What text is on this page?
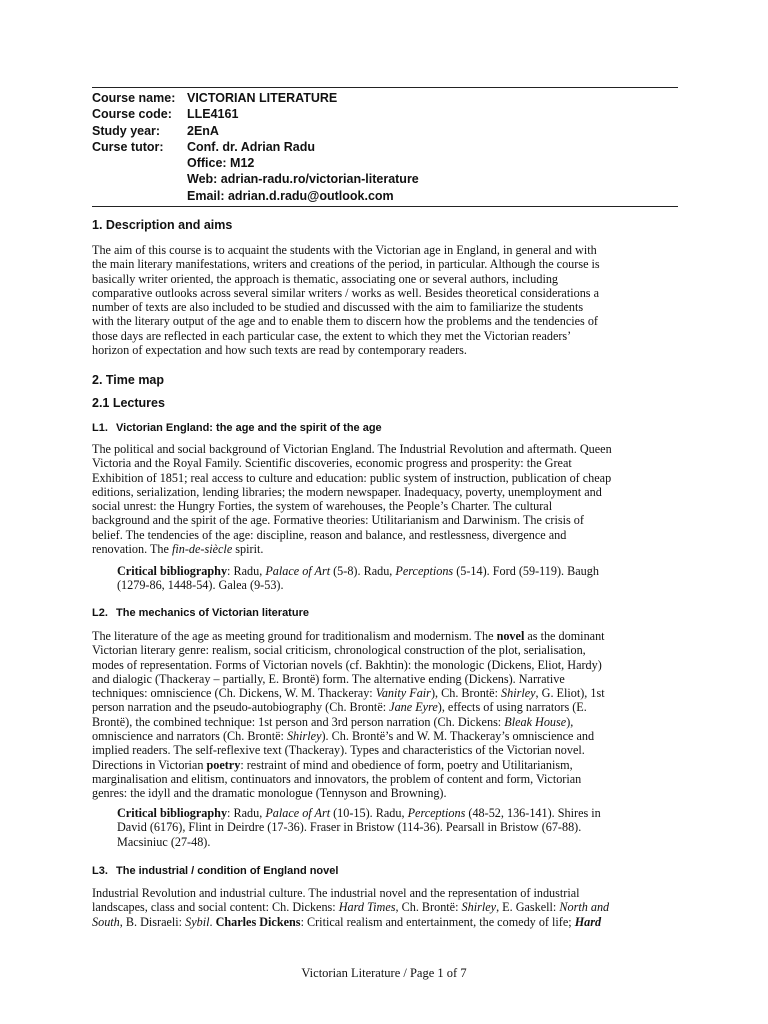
Course name: VICTORIAN LITERATURE
Course code: LLE4161
Study year: 2EnA
Curse tutor: Conf. dr. Adrian Radu
Office: M12
Web: adrian-radu.ro/victorian-literature
Email: adrian.d.radu@outlook.com
1. Description and aims
The aim of this course is to acquaint the students with the Victorian age in England, in general and with
the main literary manifestations, writers and creations of the period, in particular. Although the course is
basically writer oriented, the approach is thematic, associating one or several authors, including
comparative outlooks across several similar writers / works as well. Besides theoretical considerations a
number of texts are also included to be studied and discussed with the aim to familiarize the students
with the literary output of the age and to enable them to discern how the problems and the tendencies of
those days are reflected in each particular case, the extent to which they met the Victorian readers’
horizon of expectation and how such texts are read by contemporary readers.
2. Time map
2.1 Lectures
L1. Victorian England: the age and the spirit of the age
The political and social background of Victorian England. The Industrial Revolution and aftermath. Queen
Victoria and the Royal Family. Scientific discoveries, economic progress and prosperity: the Great
Exhibition of 1851; real access to culture and education: public system of instruction, publication of cheap
editions, serialization, lending libraries; the modern newspaper. Inadequacy, poverty, unemployment and
social unrest: the Hungry Forties, the system of warehouses, the People’s Charter. The cultural
background and the spirit of the age. Formative theories: Utilitarianism and Darwinism. The crisis of
belief. The tendencies of the age: discipline, reason and balance, and restlessness, divergence and
renovation. The fin-de-siècle spirit.
Critical bibliography: Radu, Palace of Art (5-8). Radu, Perceptions (5-14). Ford (59-119). Baugh
(1279-86, 1448-54). Galea (9-53).
L2. The mechanics of Victorian literature
The literature of the age as meeting ground for traditionalism and modernism. The novel as the dominant
Victorian literary genre: realism, social criticism, chronological construction of the plot, serialisation,
modes of representation. Forms of Victorian novels (cf. Bakhtin): the monologic (Dickens, Eliot, Hardy)
and dialogic (Thackeray – partially, E. Brontë) form. The alternative ending (Dickens). Narrative
techniques: omniscience (Ch. Dickens, W. M. Thackeray: Vanity Fair), Ch. Brontë: Shirley, G. Eliot), 1st
person narration and the pseudo-autobiography (Ch. Brontë: Jane Eyre), effects of using narrators (E.
Brontë), the combined technique: 1st person and 3rd person narration (Ch. Dickens: Bleak House),
omniscience and narrators (Ch. Brontë: Shirley). Ch. Brontë’s and W. M. Thackeray’s omniscience and
implied readers. The self-reflexive text (Thackeray). Types and characteristics of the Victorian novel.
Directions in Victorian poetry: restraint of mind and obedience of form, poetry and Utilitarianism,
marginalisation and elitism, continuators and innovators, the problem of content and form, Victorian
genres: the idyll and the dramatic monologue (Tennyson and Browning).
Critical bibliography: Radu, Palace of Art (10-15). Radu, Perceptions (48-52, 136-141). Shires in
David (6176), Flint in Deirdre (17-36). Fraser in Bristow (114-36). Pearsall in Bristow (67-88).
Macsiniuc (27-48).
L3. The industrial / condition of England novel
Industrial Revolution and industrial culture. The industrial novel and the representation of industrial
landscapes, class and social content: Ch. Dickens: Hard Times, Ch. Brontë: Shirley, E. Gaskell: North and
South, B. Disraeli: Sybil. Charles Dickens: Critical realism and entertainment, the comedy of life; Hard
Victorian Literature / Page 1 of 7
